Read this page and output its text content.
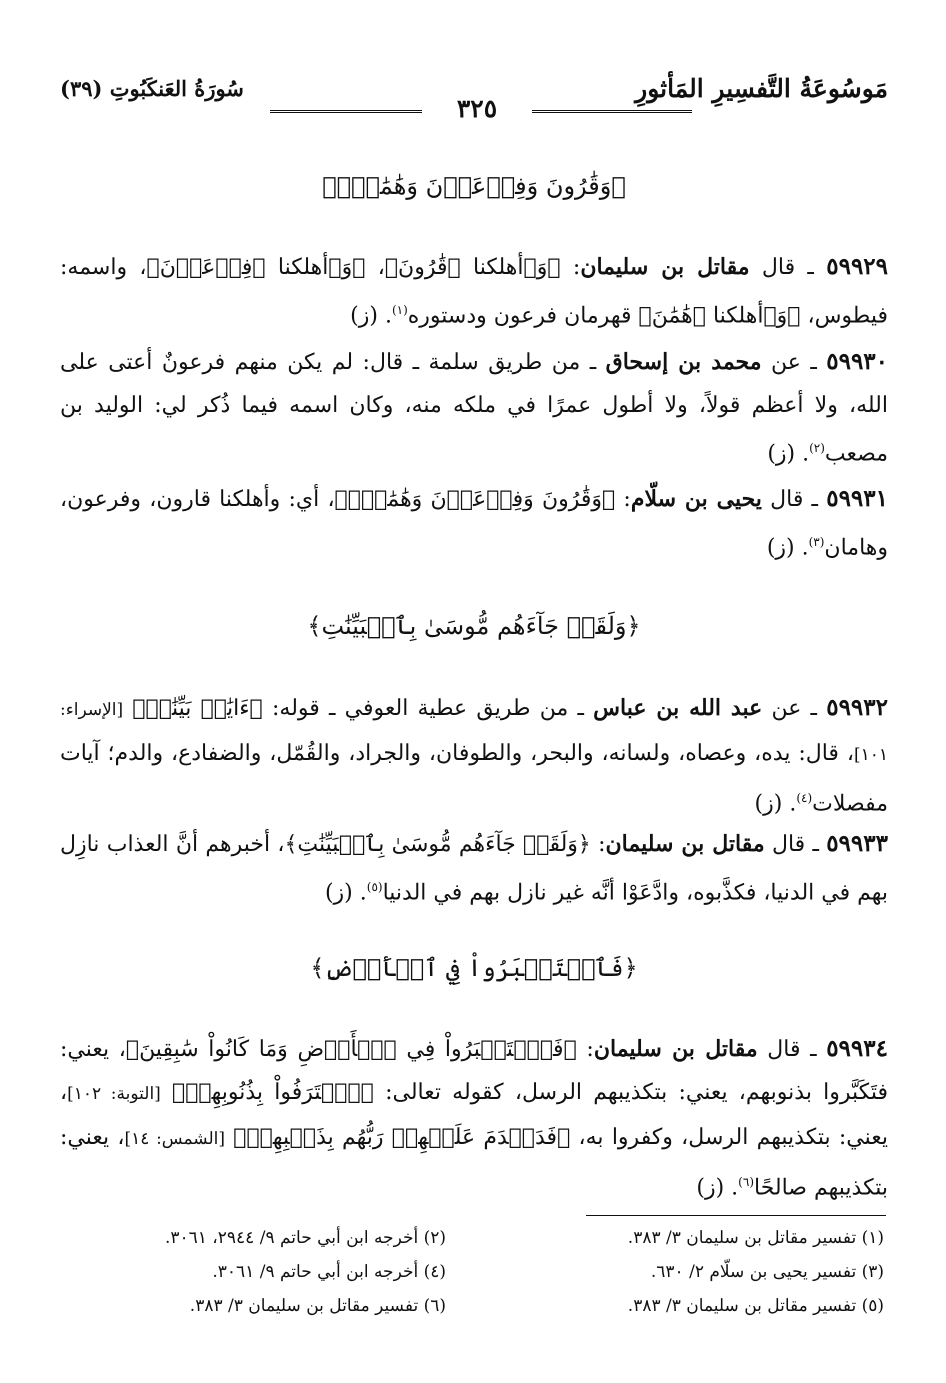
مَوسُوعَةُ التَّفسِيرِ المَأثورِ
٣٢٥
سُورَةُ العَنكَبُوتِ (٣٩)
﴿وَقَٰرُونَ وَفِرۡعَوۡنَ وَهَٰمَٰنَۖ﴾
٥٩٩٢٩ ـ قال مقاتل بن سليمان: ﴿وَ﴾أهلكنا ﴿قَٰرُونَ﴾، ﴿وَ﴾أهلكنا ﴿فِرۡعَوۡنَ﴾، واسمه: فيطوس، ﴿وَ﴾أهلكنا ﴿هَٰمَٰنَ﴾ قهرمان فرعون ودستوره$^{(١)}$. (ز)
٥٩٩٣٠ ـ عن محمد بن إسحاق ـ من طريق سلمة ـ قال: لم يكن منهم فرعونٌ أعتى على الله، ولا أعظم قولاً، ولا أطول عمرًا في ملكه منه، وكان اسمه فيما ذُكر لي: الوليد بن مصعب$^{(٢)}$. (ز)
٥٩٩٣١ ـ قال يحيى بن سلّام: ﴿وَقَٰرُونَ وَفِرۡعَوۡنَ وَهَٰمَٰنَۖ﴾، أي: وأهلكنا قارون، وفرعون، وهامان$^{(٣)}$. (ز)
﴿وَلَقَدۡ جَآءَهُم مُّوسَىٰ بِٱلۡبَيِّنَٰتِ﴾
٥٩٩٣٢ ـ عن عبد الله بن عباس ـ من طريق عطية العوفي ـ قوله: ﴿ءَايَٰتٖ بَيِّنَٰتٖ﴾ [الإسراء: ١٠١]، قال: يده، وعصاه، ولسانه، والبحر، والطوفان، والجراد، والقُمّل، والضفادع، والدم؛ آيات مفصلات$^{(٤)}$. (ز)
٥٩٩٣٣ ـ قال مقاتل بن سليمان: ﴿وَلَقَدۡ جَآءَهُم مُّوسَىٰ بِٱلۡبَيِّنَٰتِ﴾، أخبرهم أنَّ العذاب نازِل بهم في الدنيا، فكذَّبوه، وادَّعَوْا أنَّه غير نازل بهم في الدنيا$^{(٥)}$. (ز)
﴿فَٱسۡتَكۡبَرُواْ فِي ٱلۡأَرۡضِ﴾
٥٩٩٣٤ ـ قال مقاتل بن سليمان: ﴿فَٱسۡتَكۡبَرُواْ فِي ٱلۡأَرۡضِ وَمَا كَانُواْ سَٰبِقِينَ﴾، يعني: فتَكَبَّروا بذنوبهم، يعني: بتكذيبهم الرسل، كقوله تعالى: ﴿ٱعۡتَرَفُواْ بِذُنُوبِهِمۡ﴾ [التوبة: ١٠٢]، يعني: بتكذيبهم الرسل، وكفروا به، ﴿فَدَمۡدَمَ عَلَيۡهِمۡ رَبُّهُم بِذَنۢبِهِمۡ﴾ [الشمس: ١٤]، يعني: بتكذيبهم صالحًا$^{(٦)}$. (ز)
(١) تفسير مقاتل بن سليمان ٣/ ٣٨٣.
(٢) أخرجه ابن أبي حاتم ٩/ ٢٩٤٤، ٣٠٦١.
(٣) تفسير يحيى بن سلّام ٢/ ٦٣٠.
(٤) أخرجه ابن أبي حاتم ٩/ ٣٠٦١.
(٥) تفسير مقاتل بن سليمان ٣/ ٣٨٣.
(٦) تفسير مقاتل بن سليمان ٣/ ٣٨٣.
